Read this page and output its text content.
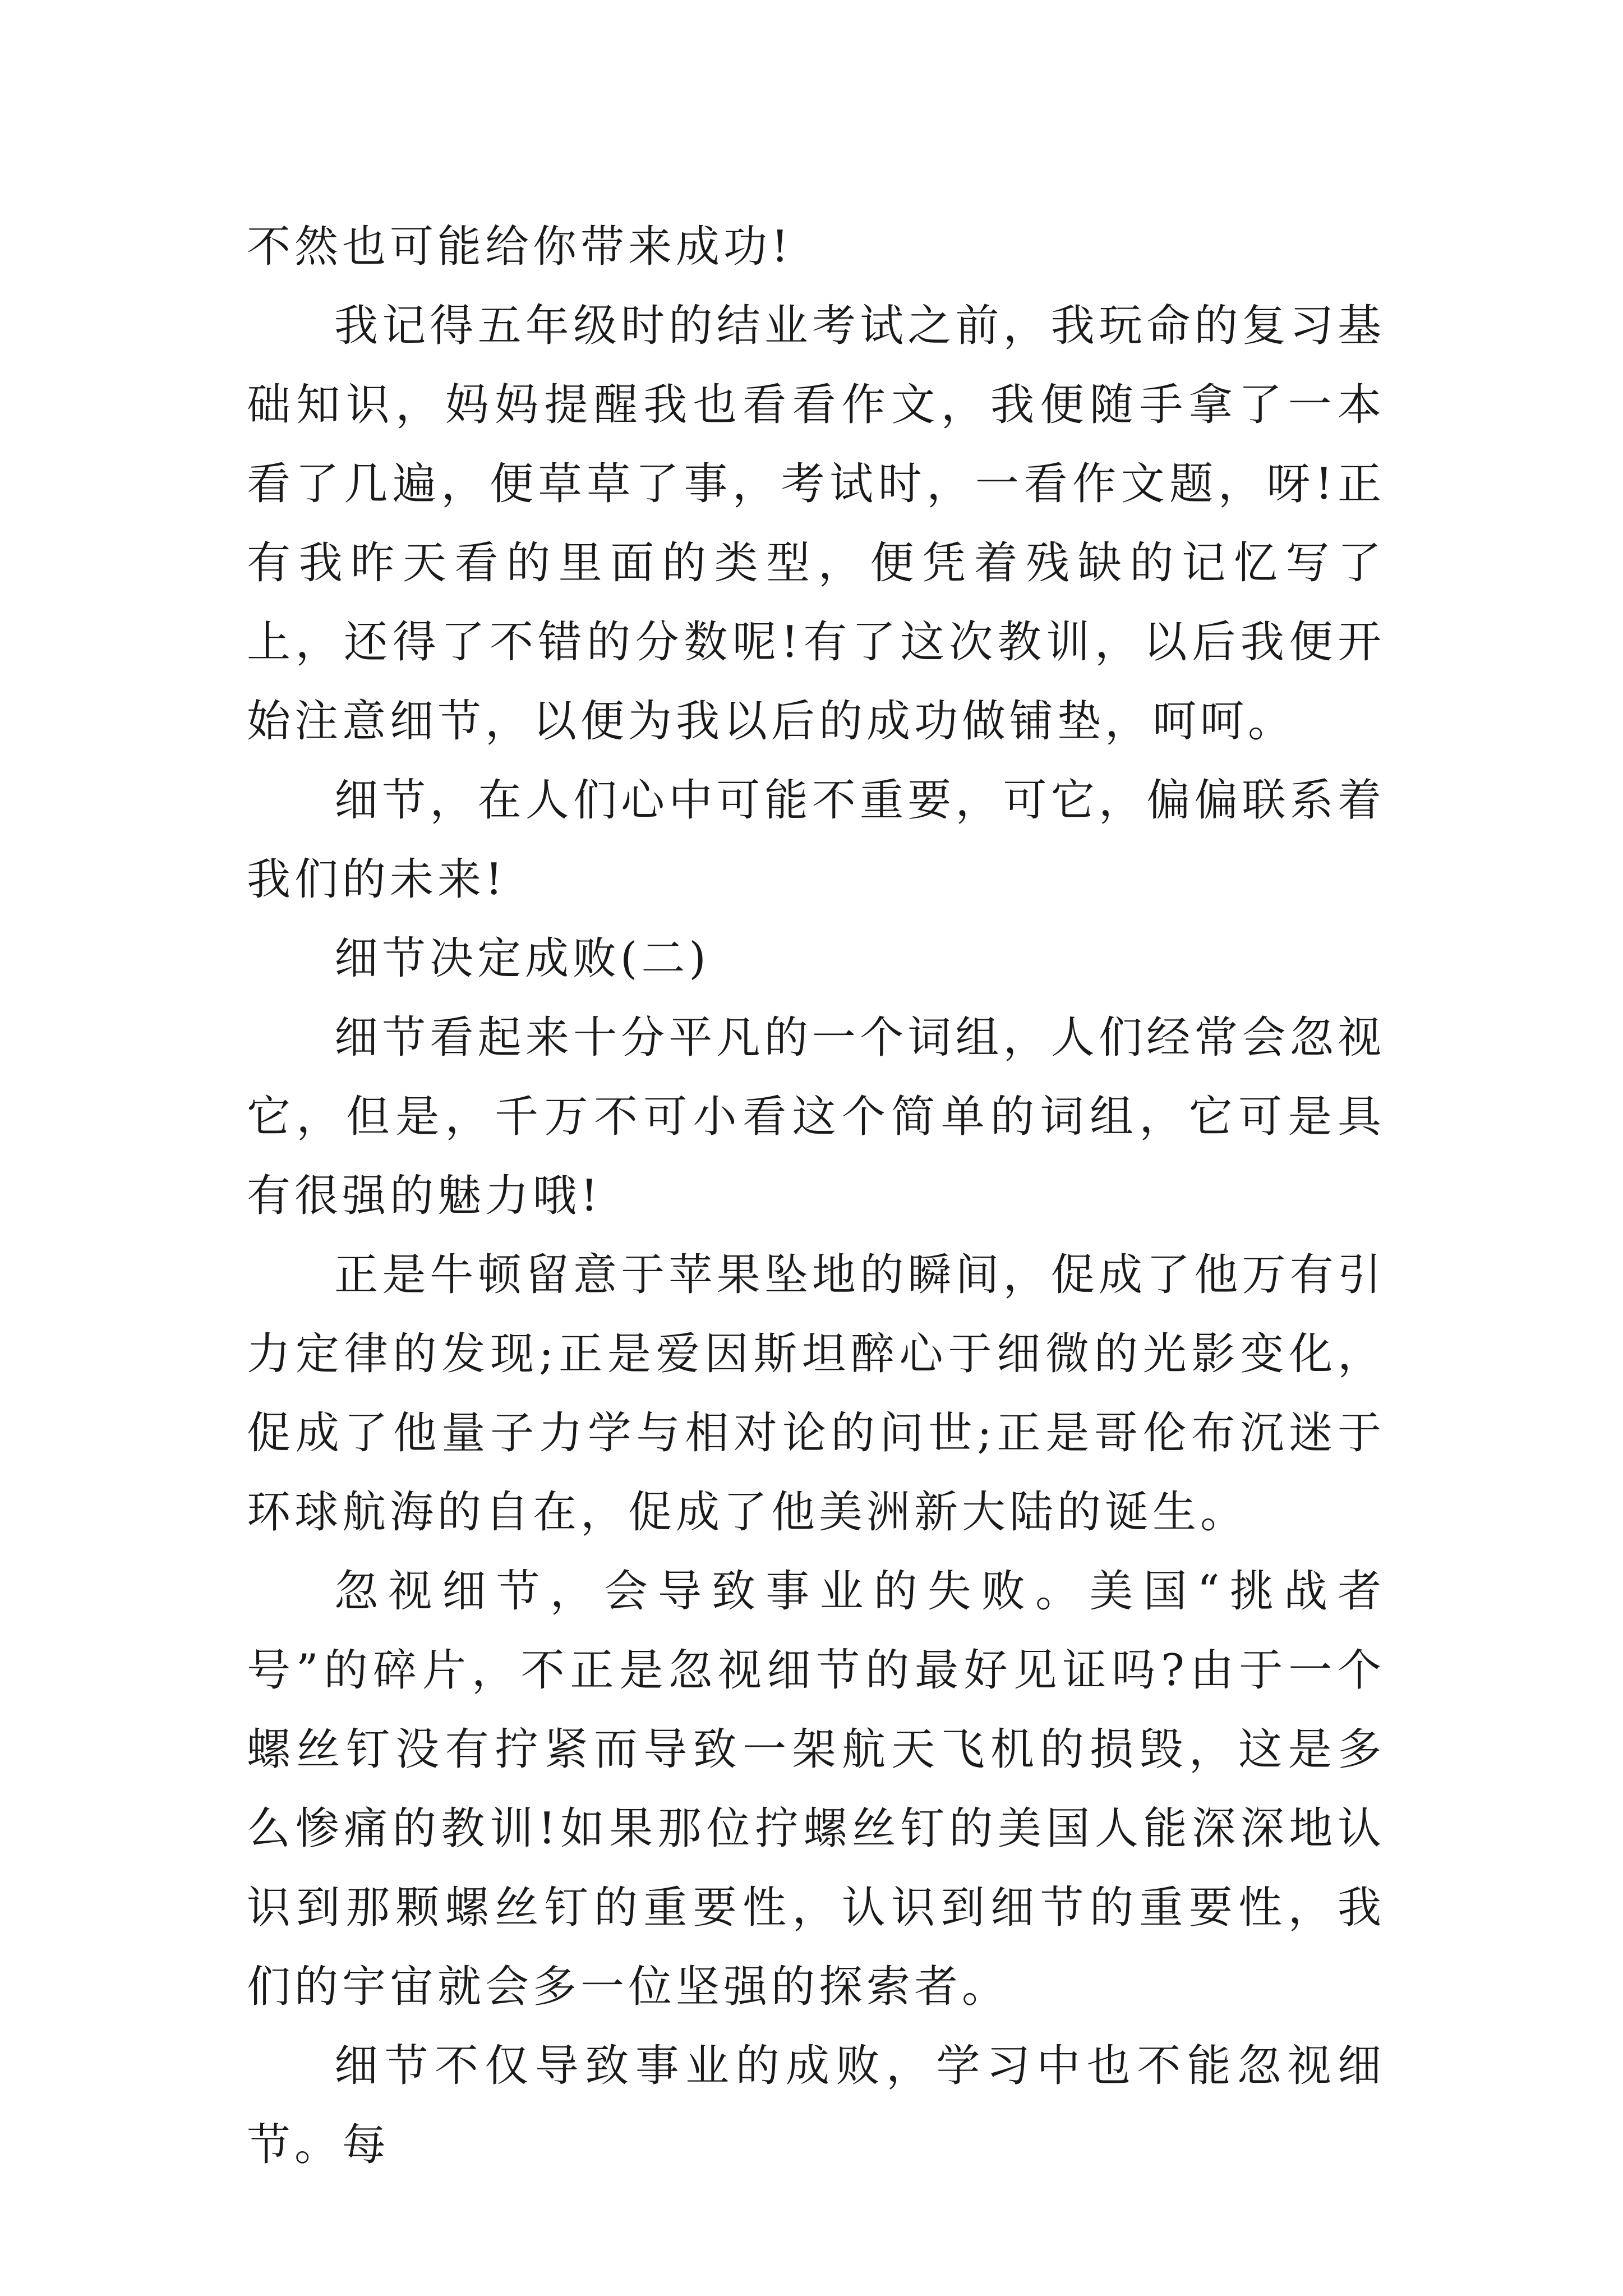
不然也可能给你带来成功!

我记得五年级时的结业考试之前，我玩命的复习基础知识，妈妈提醒我也看看作文，我便随手拿了一本看了几遍，便草草了事，考试时，一看作文题，呀!正有我昨天看的里面的类型，便凭着残缺的记忆写了上，还得了不错的分数呢!有了这次教训，以后我便开始注意细节，以便为我以后的成功做铺垫，呵呵。

细节，在人们心中可能不重要，可它，偏偏联系着我们的未来!

细节决定成败(二)

细节看起来十分平凡的一个词组，人们经常会忽视它，但是，千万不可小看这个简单的词组，它可是具有很强的魅力哦!

正是牛顿留意于苹果坠地的瞬间，促成了他万有引力定律的发现;正是爱因斯坦醉心于细微的光影变化，促成了他量子力学与相对论的问世;正是哥伦布沉迷于环球航海的自在，促成了他美洲新大陆的诞生。

忽视细节，会导致事业的失败。美国“挑战者号”的碎片，不正是忽视细节的最好见证吗?由于一个螺丝钉没有拧紧而导致一架航天飞机的损毁，这是多么惨痛的教训!如果那位拧螺丝钉的美国人能深深地认识到那颗螺丝钉的重要性，认识到细节的重要性，我们的宇宙就会多一位坚强的探索者。

细节不仅导致事业的成败，学习中也不能忽视细节。每
